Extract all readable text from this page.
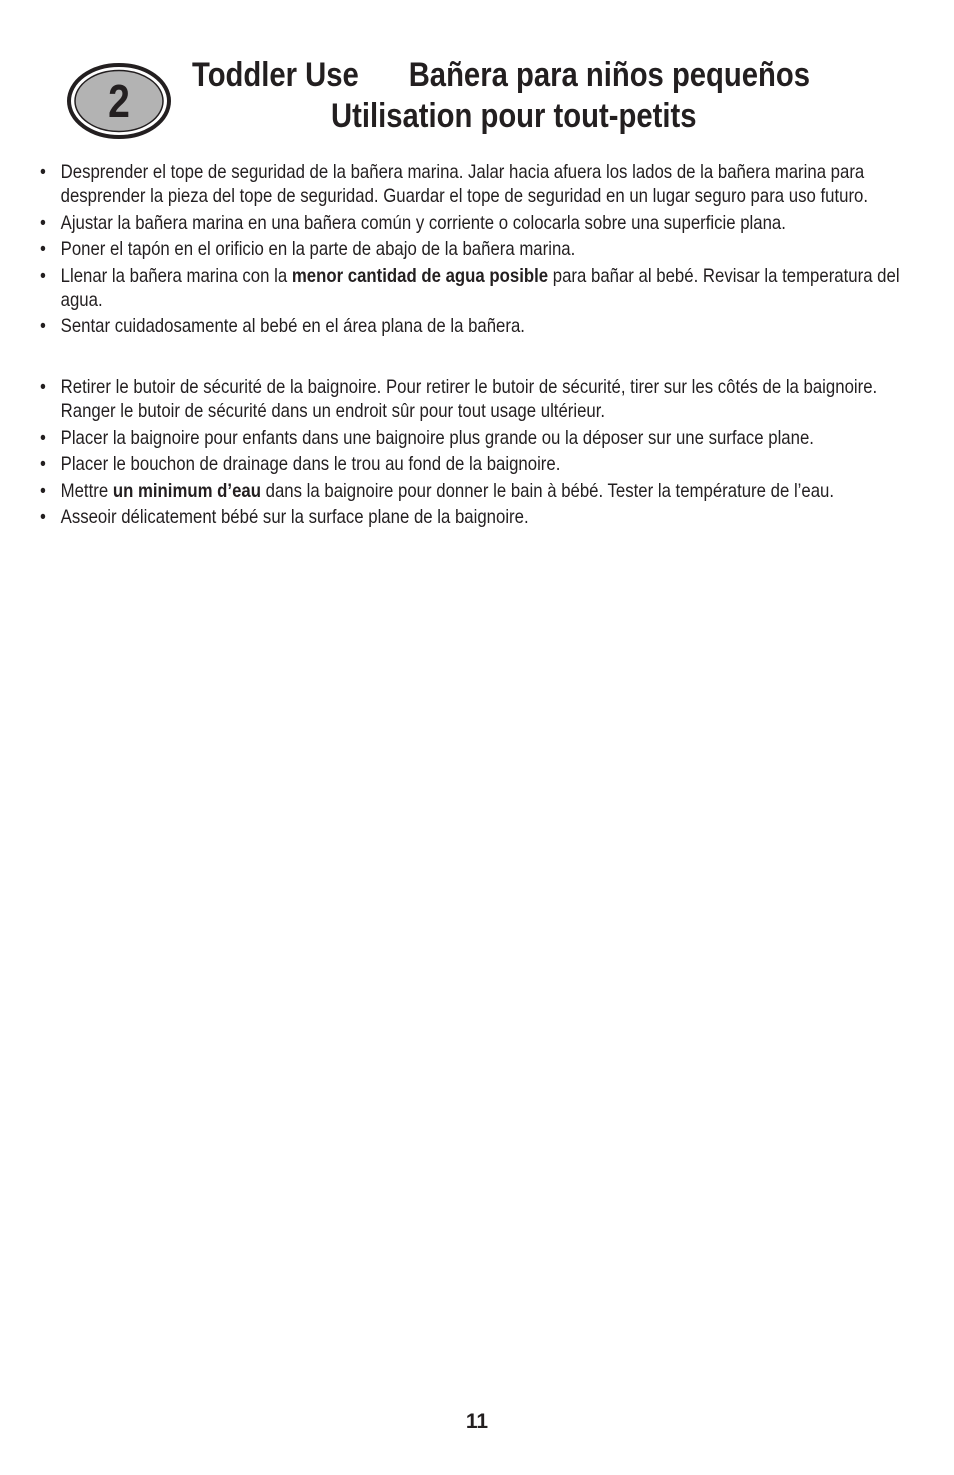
2	Toddler Use Bañera para niños pequeños
Utilisation pour tout-petits
• Desprender el tope de seguridad de la bañera marina. Jalar hacia afuera los lados de la bañera marina para desprender la pieza del tope de seguridad. Guardar el tope de seguridad en un lugar seguro para uso futuro.
• Ajustar la bañera marina en una bañera común y corriente o colocarla sobre una superficie plana.
• Poner el tapón en el orificio en la parte de abajo de la bañera marina.
• Llenar la bañera marina con la menor cantidad de agua posible para bañar al bebé. Revisar la temperatura del agua.
• Sentar cuidadosamente al bebé en el área plana de la bañera.
• Retirer le butoir de sécurité de la baignoire. Pour retirer le butoir de sécurité, tirer sur les côtés de la baignoire. Ranger le butoir de sécurité dans un endroit sûr pour tout usage ultérieur.
• Placer la baignoire pour enfants dans une baignoire plus grande ou la déposer sur une surface plane.
• Placer le bouchon de drainage dans le trou au fond de la baignoire.
• Mettre un minimum d’eau dans la baignoire pour donner le bain à bébé. Tester la température de l’eau.
• Asseoir délicatement bébé sur la surface plane de la baignoire.
11
